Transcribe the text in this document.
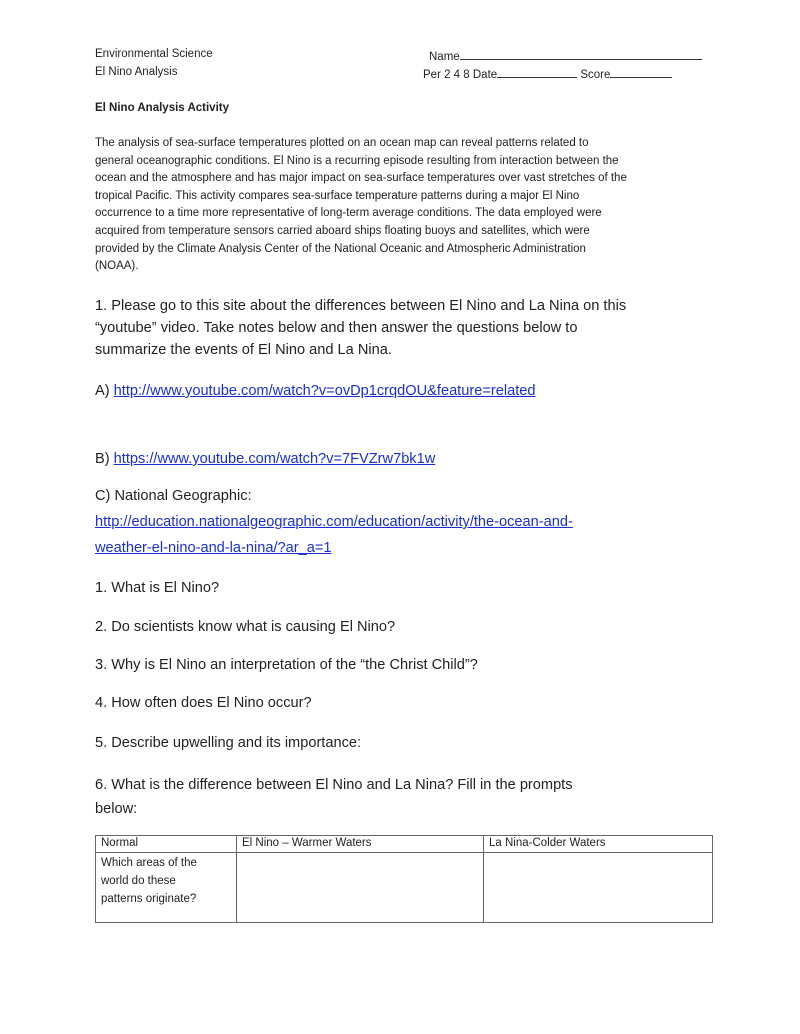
Environmental Science
El Nino Analysis
Name
Per 2 4 8 Date	Score
El Nino Analysis Activity
The analysis of sea-surface temperatures plotted on an ocean map can reveal patterns related to
general oceanographic conditions. El Nino is a recurring episode resulting from interaction between the
ocean and the atmosphere and has major impact on sea-surface temperatures over vast stretches of the
tropical Pacific. This activity compares sea-surface temperature patterns during a major El Nino
occurrence to a time more representative of long-term average conditions. The data employed were
acquired from temperature sensors carried aboard ships floating buoys and satellites, which were
provided by the Climate Analysis Center of the National Oceanic and Atmospheric Administration
(NOAA).
1. Please go to this site about the differences between El Nino and La Nina on this
“youtube” video. Take notes below and then answer the questions below to
summarize the events of El Nino and La Nina.
A) http://www.youtube.com/watch?v=ovDp1crqdOU&feature=related
B) https://www.youtube.com/watch?v=7FVZrw7bk1w
C) National Geographic:
http://education.nationalgeographic.com/education/activity/the-ocean-and-
weather-el-nino-and-la-nina/?ar_a=1
1. What is El Nino?
2. Do scientists know what is causing El Nino?
3. Why is El Nino an interpretation of the “the Christ Child”?
4. How often does El Nino occur?
5. Describe upwelling and its importance:
6. What is the difference between El Nino and La Nina? Fill in the prompts
below:
Normal	El Nino – Warmer Waters	La Nina-Colder Waters

Which areas of the
world do these
patterns originate?		
